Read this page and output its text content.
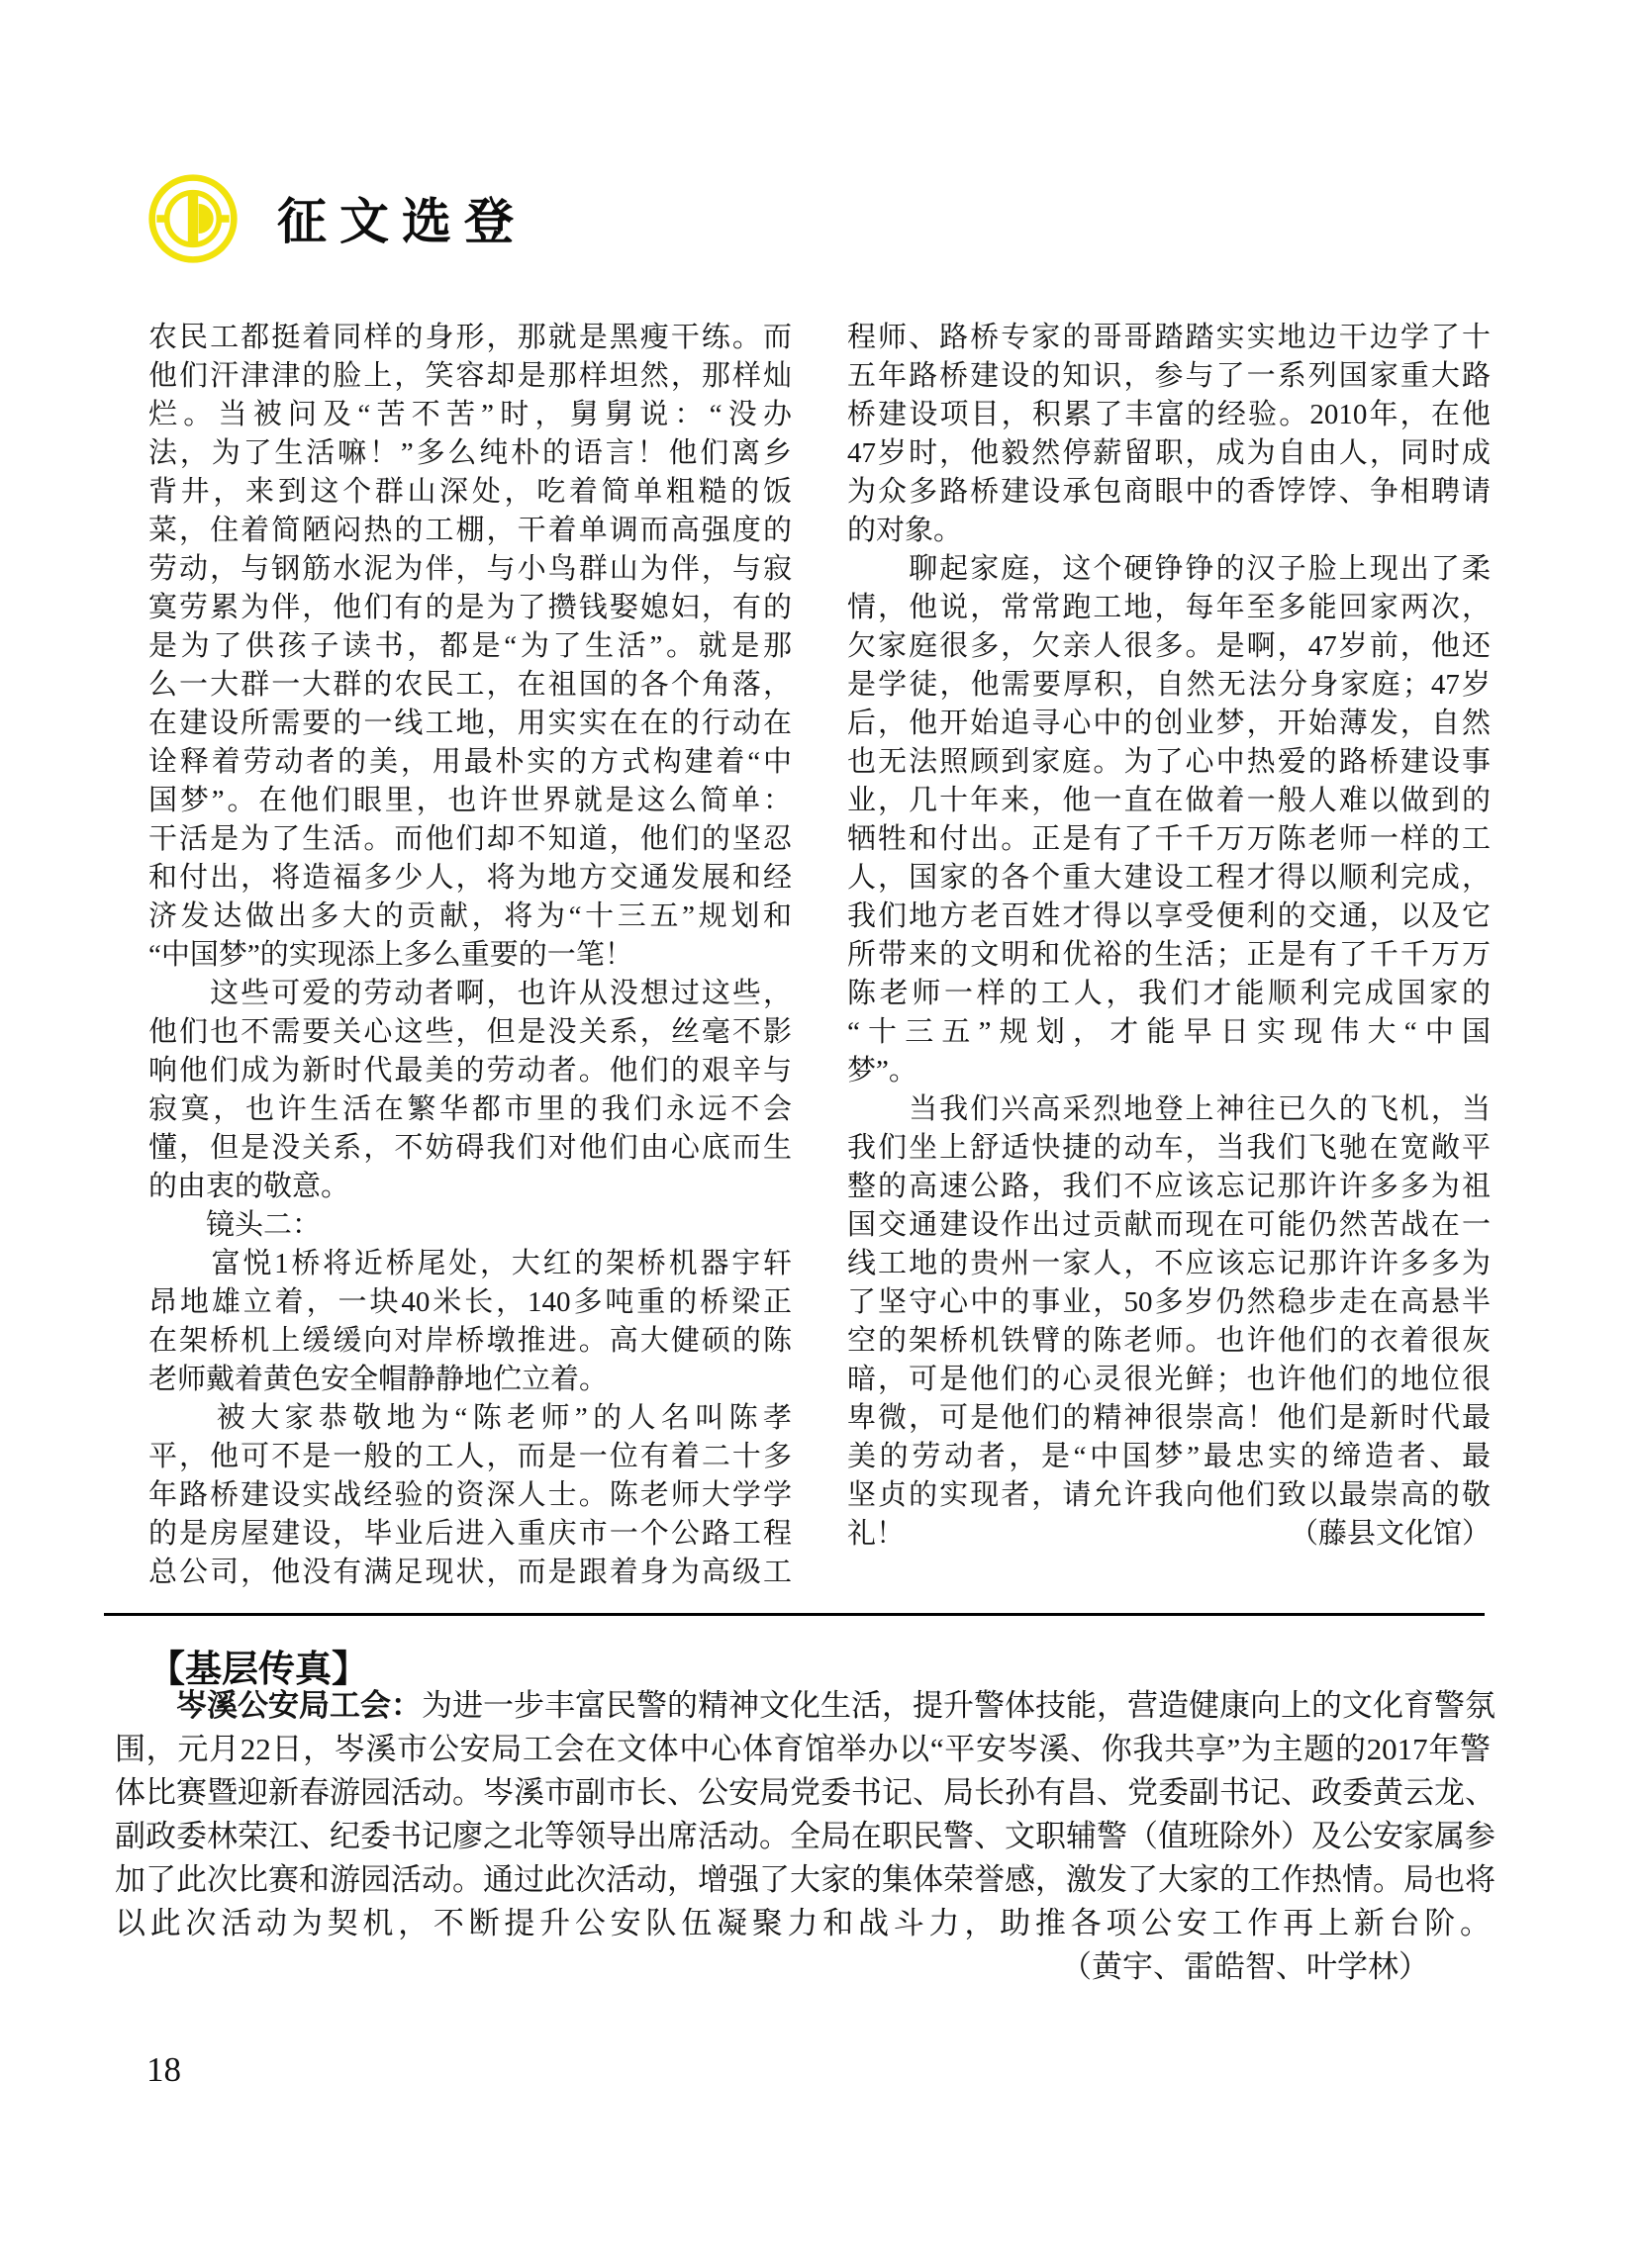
征文选登
农民工都挺着同样的身形，那就是黑瘦干练。而
他们汗津津的脸上，笑容却是那样坦然，那样灿
烂。当被问及“苦不苦”时，舅舅说：“没办
法，为了生活嘛！”多么纯朴的语言！他们离乡
背井，来到这个群山深处，吃着简单粗糙的饭
菜，住着简陋闷热的工棚，干着单调而高强度的
劳动，与钢筋水泥为伴，与小鸟群山为伴，与寂
寞劳累为伴，他们有的是为了攒钱娶媳妇，有的
是为了供孩子读书，都是“为了生活”。就是那
么一大群一大群的农民工，在祖国的各个角落，
在建设所需要的一线工地，用实实在在的行动在
诠释着劳动者的美，用最朴实的方式构建着“中
国梦”。在他们眼里，也许世界就是这么简单：
干活是为了生活。而他们却不知道，他们的坚忍
和付出，将造福多少人，将为地方交通发展和经
济发达做出多大的贡献，将为“十三五”规划和
“中国梦”的实现添上多么重要的一笔！
　　这些可爱的劳动者啊，也许从没想过这些，
他们也不需要关心这些，但是没关系，丝毫不影
响他们成为新时代最美的劳动者。他们的艰辛与
寂寞，也许生活在繁华都市里的我们永远不会
懂，但是没关系，不妨碍我们对他们由心底而生
的由衷的敬意。
　　镜头二：
　　富悦1桥将近桥尾处，大红的架桥机器宇轩
昂地雄立着，一块40米长，140多吨重的桥梁正
在架桥机上缓缓向对岸桥墩推进。高大健硕的陈
老师戴着黄色安全帽静静地伫立着。
　　被大家恭敬地为“陈老师”的人名叫陈孝
平，他可不是一般的工人，而是一位有着二十多
年路桥建设实战经验的资深人士。陈老师大学学
的是房屋建设，毕业后进入重庆市一个公路工程
总公司，他没有满足现状，而是跟着身为高级工
程师、路桥专家的哥哥踏踏实实地边干边学了十
五年路桥建设的知识，参与了一系列国家重大路
桥建设项目，积累了丰富的经验。2010年，在他
47岁时，他毅然停薪留职，成为自由人，同时成
为众多路桥建设承包商眼中的香饽饽、争相聘请
的对象。
　　聊起家庭，这个硬铮铮的汉子脸上现出了柔
情，他说，常常跑工地，每年至多能回家两次，
欠家庭很多，欠亲人很多。是啊，47岁前，他还
是学徒，他需要厚积，自然无法分身家庭；47岁
后，他开始追寻心中的创业梦，开始薄发，自然
也无法照顾到家庭。为了心中热爱的路桥建设事
业，几十年来，他一直在做着一般人难以做到的
牺牲和付出。正是有了千千万万陈老师一样的工
人，国家的各个重大建设工程才得以顺利完成，
我们地方老百姓才得以享受便利的交通，以及它
所带来的文明和优裕的生活；正是有了千千万万
陈老师一样的工人，我们才能顺利完成国家的
“十三五”规划，才能早日实现伟大“中国
梦”。
　　当我们兴高采烈地登上神往已久的飞机，当
我们坐上舒适快捷的动车，当我们飞驰在宽敞平
整的高速公路，我们不应该忘记那许许多多为祖
国交通建设作出过贡献而现在可能仍然苦战在一
线工地的贵州一家人，不应该忘记那许许多多为
了坚守心中的事业，50多岁仍然稳步走在高悬半
空的架桥机铁臂的陈老师。也许他们的衣着很灰
暗，可是他们的心灵很光鲜；也许他们的地位很
卑微，可是他们的精神很崇高！他们是新时代最
美的劳动者，是“中国梦”最忠实的缔造者、最
坚贞的实现者，请允许我向他们致以最崇高的敬
礼！	（藤县文化馆）
【基层传真】
　　岑溪公安局工会：为进一步丰富民警的精神文化生活，提升警体技能，营造健康向上的文化育警氛
围，元月22日，岑溪市公安局工会在文体中心体育馆举办以“平安岑溪、你我共享”为主题的2017年警
体比赛暨迎新春游园活动。岑溪市副市长、公安局党委书记、局长孙有昌、党委副书记、政委黄云龙、
副政委林荣江、纪委书记廖之北等领导出席活动。全局在职民警、文职辅警（值班除外）及公安家属参
加了此次比赛和游园活动。通过此次活动，增强了大家的集体荣誉感，激发了大家的工作热情。局也将
以此次活动为契机，不断提升公安队伍凝聚力和战斗力，助推各项公安工作再上新台阶。
（黄宇、雷皓智、叶学林）
18
